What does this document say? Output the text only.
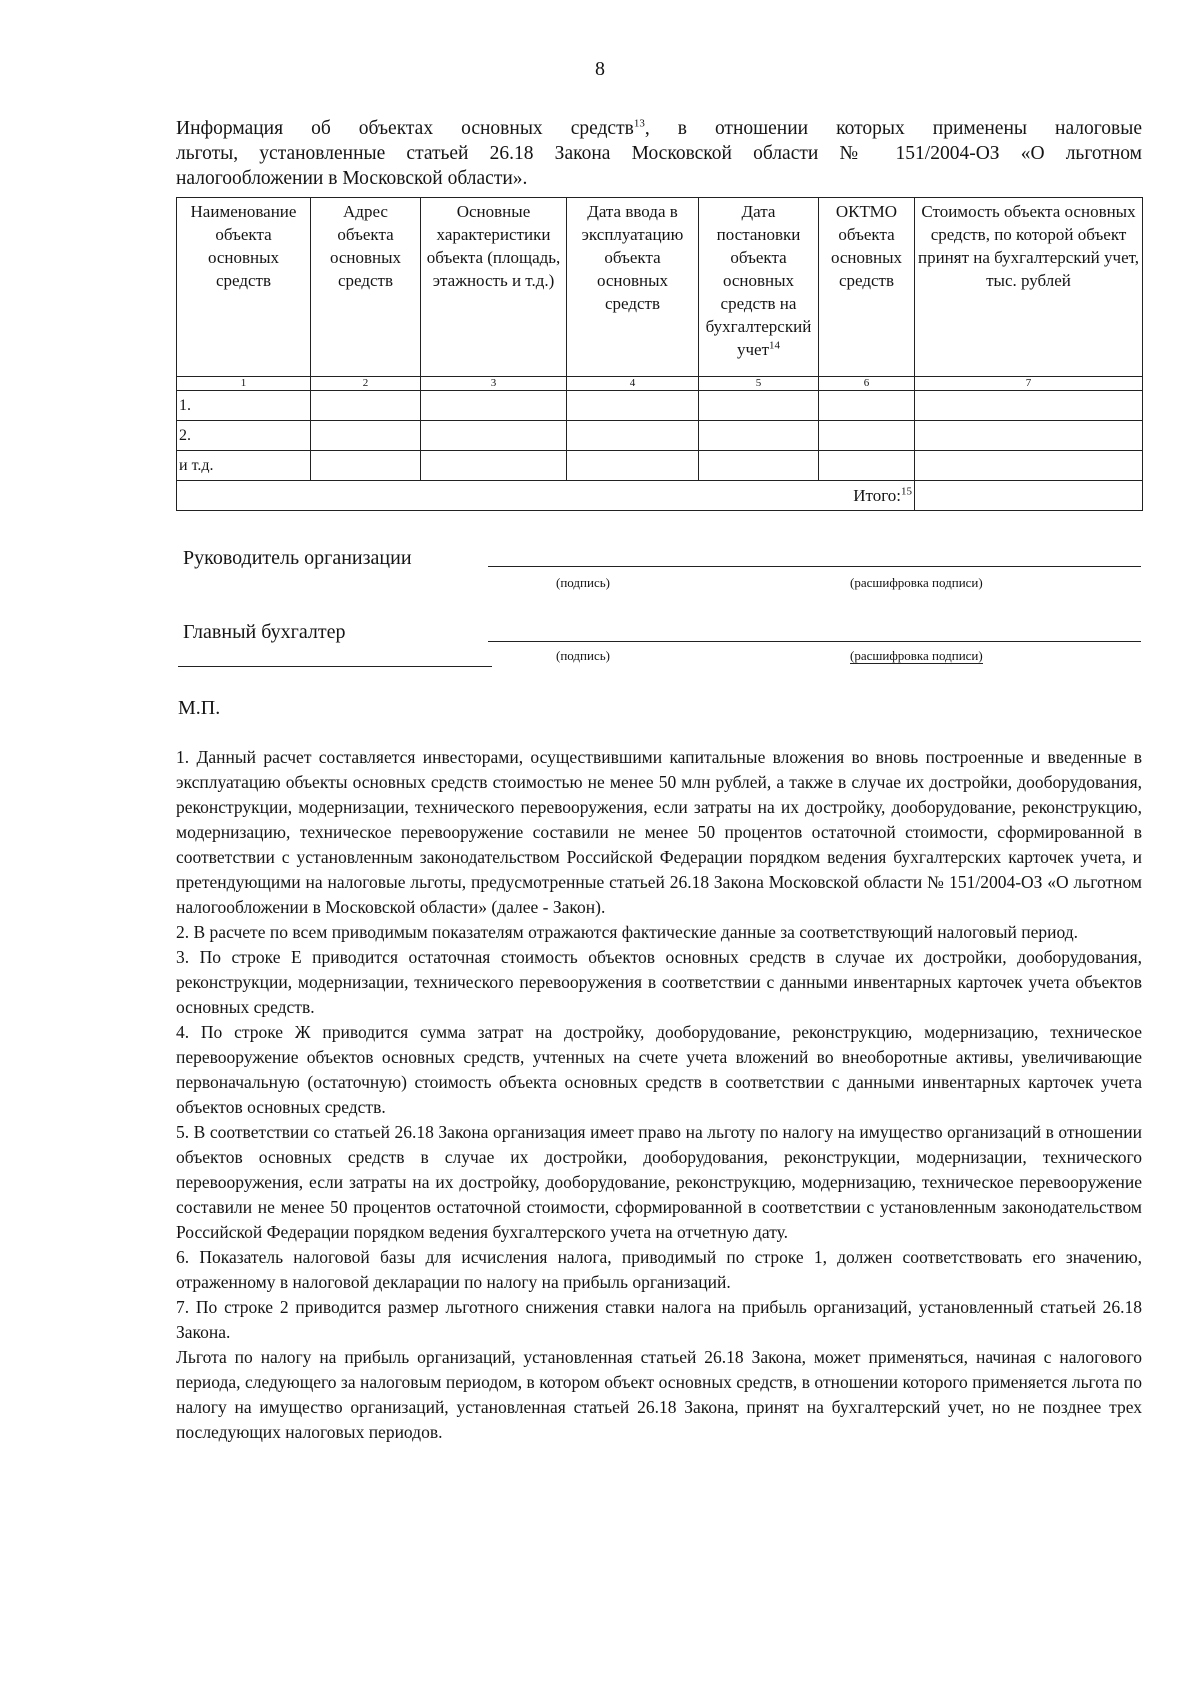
8
Информация об объектах основных средств$^{13}$, в отношении которых применены налоговые
льготы, установленные статьей 26.18 Закона Московской области № 151/2004-ОЗ «О льготном
налогообложении в Московской области».
Наименование объекта основных средств	Адрес объекта основных средств	Основные характеристики объекта (площадь, этажность и т.д.)	Дата ввода в эксплуатацию объекта основных средств	Дата постановки объекта основных средств на бухгалтерский учет$^{14}$	ОКТМО объекта основных средств	Стоимость объекта основных средств, по которой объект принят на бухгалтерский учет, тыс. рублей
1	2	3	4	5	6	7
1.						
2.						
и т.д.						
Итого:$^{15}$	
Руководитель организации
(подпись)	(расшифровка подписи)
Главный бухгалтер
(подпись)	(расшифровка подписи)
М.П.

1. Данный расчет составляется инвесторами, осуществившими капитальные вложения во вновь построенные и введенные в эксплуатацию объекты основных средств стоимостью не менее 50 млн рублей, а также в случае их достройки, дооборудования, реконструкции, модернизации, технического перевооружения, если затраты на их достройку, дооборудование, реконструкцию, модернизацию, техническое перевооружение составили не менее 50 процентов остаточной стоимости, сформированной в соответствии с установленным законодательством Российской Федерации порядком ведения бухгалтерских карточек учета, и претендующими на налоговые льготы, предусмотренные статьей 26.18 Закона Московской области № 151/2004-ОЗ «О льготном налогообложении в Московской области» (далее - Закон).

2. В расчете по всем приводимым показателям отражаются фактические данные за соответствующий налоговый период.

3. По строке Е приводится остаточная стоимость объектов основных средств в случае их достройки, дооборудования, реконструкции, модернизации, технического перевооружения в соответствии с данными инвентарных карточек учета объектов основных средств.

4. По строке Ж приводится сумма затрат на достройку, дооборудование, реконструкцию, модернизацию, техническое перевооружение объектов основных средств, учтенных на счете учета вложений во внеоборотные активы, увеличивающие первоначальную (остаточную) стоимость объекта основных средств в соответствии с данными инвентарных карточек учета объектов основных средств.

5. В соответствии со статьей 26.18 Закона организация имеет право на льготу по налогу на имущество организаций в отношении объектов основных средств в случае их достройки, дооборудования, реконструкции, модернизации, технического перевооружения, если затраты на их достройку, дооборудование, реконструкцию, модернизацию, техническое перевооружение составили не менее 50 процентов остаточной стоимости, сформированной в соответствии с установленным законодательством Российской Федерации порядком ведения бухгалтерского учета на отчетную дату.

6. Показатель налоговой базы для исчисления налога, приводимый по строке 1, должен соответствовать его значению, отраженному в налоговой декларации по налогу на прибыль организаций.

7. По строке 2 приводится размер льготного снижения ставки налога на прибыль организаций, установленный статьей 26.18 Закона.

Льгота по налогу на прибыль организаций, установленная статьей 26.18 Закона, может применяться, начиная с налогового периода, следующего за налоговым периодом, в котором объект основных средств, в отношении которого применяется льгота по налогу на имущество организаций, установленная статьей 26.18 Закона, принят на бухгалтерский учет, но не позднее трех последующих налоговых периодов.
